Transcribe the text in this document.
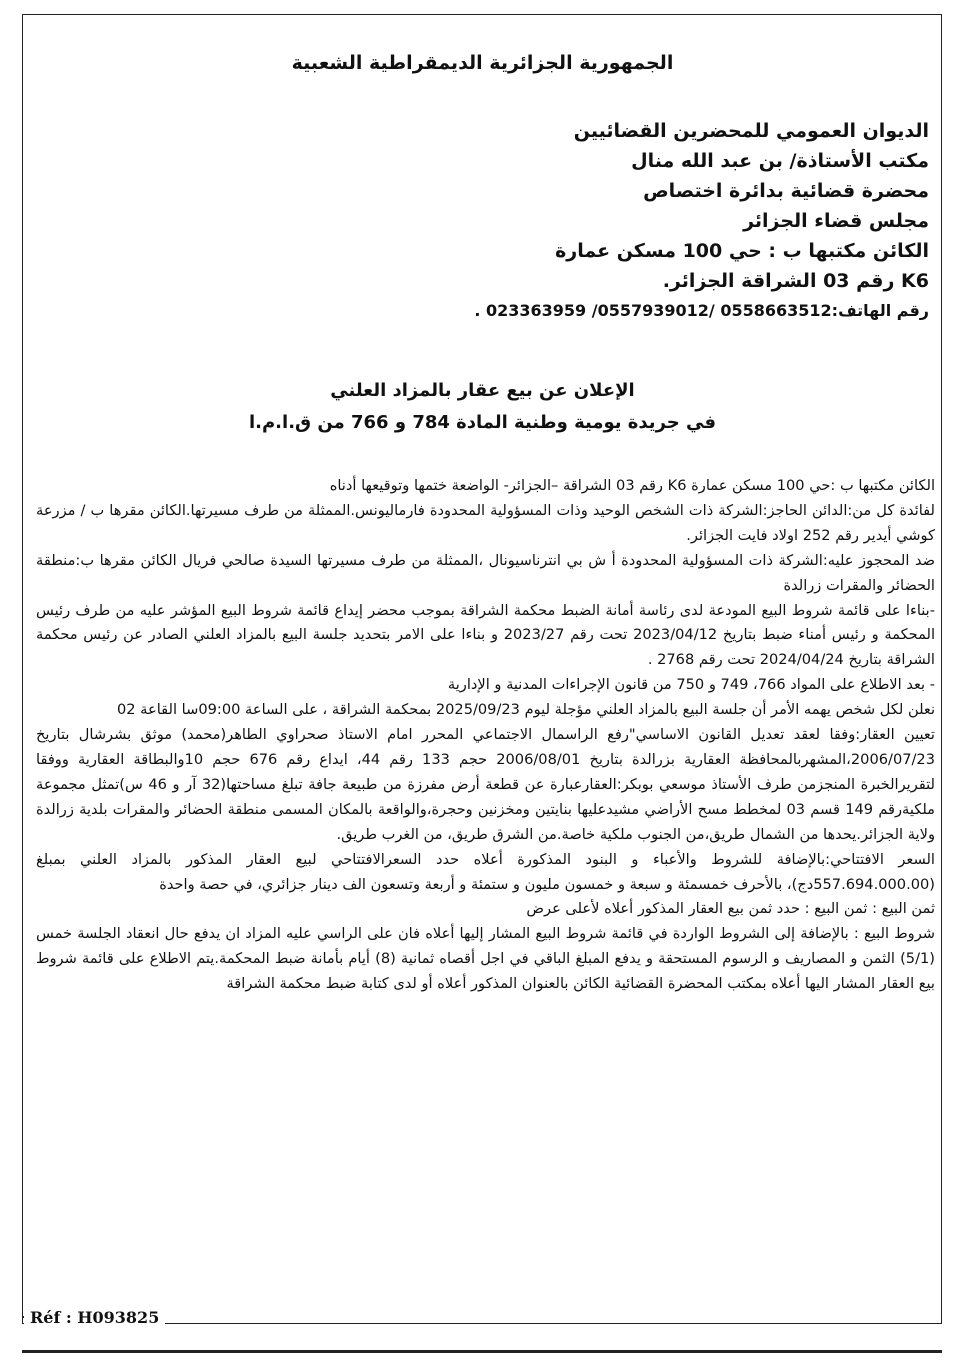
الجمهورية الجزائرية الديمقراطية الشعبية
الديوان العمومي للمحضرين القضائيين
مكتب الأستاذة/ بن عبد الله منال
محضرة قضائية بدائرة اختصاص
مجلس قضاء الجزائر
الكائن مكتبها ب : حي 100 مسكن عمارة
K6 رقم 03 الشراقة الجزائر.
رقم الهاتف:0558663512 /0557939012/ 023363959 .
الإعلان عن بيع عقار بالمزاد العلني
في جريدة يومية وطنية المادة 784 و 766 من ق.ا.م.ا

الكائن مكتبها ب :حي 100 مسكن عمارة K6 رقم 03 الشراقة –الجزائر- الواضعة ختمها وتوقيعها أدناه

لفائدة كل من:الدائن الحاجز:الشركة ذات الشخص الوحيد وذات المسؤولية المحدودة فارماليونس.الممثلة من طرف مسيرتها.الكائن مقرها ب / مزرعة كوشي أيدير رقم 252 اولاد فايت الجزائر.

ضد المحجوز عليه:الشركة ذات المسؤولية المحدودة أ ش بي انترناسيونال ،الممثلة من طرف مسيرتها السيدة صالحي فريال الكائن مقرها ب:منطقة الحضائر والمقرات زرالدة

-بناءا على قائمة شروط البيع المودعة لدى رئاسة أمانة الضبط محكمة الشراقة بموجب محضر إيداع قائمة شروط البيع المؤشر عليه من طرف رئيس المحكمة و رئيس أمناء ضبط بتاريخ 2023/04/12 تحت رقم 2023/27 و بناءا على الامر بتحديد جلسة البيع بالمزاد العلني الصادر عن رئيس محكمة الشراقة بتاريخ 2024/04/24 تحت رقم 2768 .

- بعد الاطلاع على المواد 766، 749 و 750 من قانون الإجراءات المدنية و الإدارية

نعلن لكل شخص يهمه الأمر أن جلسة البيع بالمزاد العلني مؤجلة ليوم 2025/09/23 بمحكمة الشراقة ، على الساعة 09:00سا القاعة 02

تعيين العقار:وفقا لعقد تعديل القانون الاساسي"رفع الراسمال الاجتماعي المحرر امام الاستاذ صحراوي الطاهر(محمد) موثق بشرشال بتاريخ 2006/07/23،المشهربالمحافظة العقارية بزرالدة بتاريخ 2006/08/01 حجم 133 رقم 44، ايداع رقم 676 حجم 10والبطاقة العقارية ووفقا لتقريرالخبرة المنجزمن طرف الأستاذ موسعي بوبكر:العقارعبارة عن قطعة أرض مفرزة من طبيعة جافة تبلغ مساحتها(32 آر و 46 س)تمثل مجموعة ملكيةرقم 149 قسم 03 لمخطط مسح الأراضي مشيدعليها بنايتين ومخزنين وحجرة،والواقعة بالمكان المسمى منطقة الحضائر والمقرات بلدية زرالدة ولاية الجزائر.يحدها من الشمال طريق،من الجنوب ملكية خاصة.من الشرق طريق، من الغرب طريق.

السعر الافتتاحي:بالإضافة للشروط والأعباء و البنود المذكورة أعلاه حدد السعرالافتتاحي لبيع العقار المذكور بالمزاد العلني بمبلغ (557.694.000.00دج)، بالأحرف خمسمئة و سبعة و خمسون مليون و ستمئة و أربعة وتسعون الف دينار جزائري، في حصة واحدة

ثمن البيع : ثمن البيع : حدد ثمن بيع العقار المذكور أعلاه لأعلى عرض

شروط البيع : بالإضافة إلى الشروط الواردة في قائمة شروط البيع المشار إليها أعلاه فان على الراسي عليه المزاد ان يدفع حال انعقاد الجلسة خمس (5/1) الثمن و المصاريف و الرسوم المستحقة و يدفع المبلغ الباقي في اجل أقصاه ثمانية (8) أيام بأمانة ضبط المحكمة.يتم الاطلاع على قائمة شروط بيع العقار المشار اليها أعلاه بمكتب المحضرة القضائية الكائن بالعنوان المذكور أعلاه أو لدى كتابة ضبط محكمة الشراقة

Réf : H093825
